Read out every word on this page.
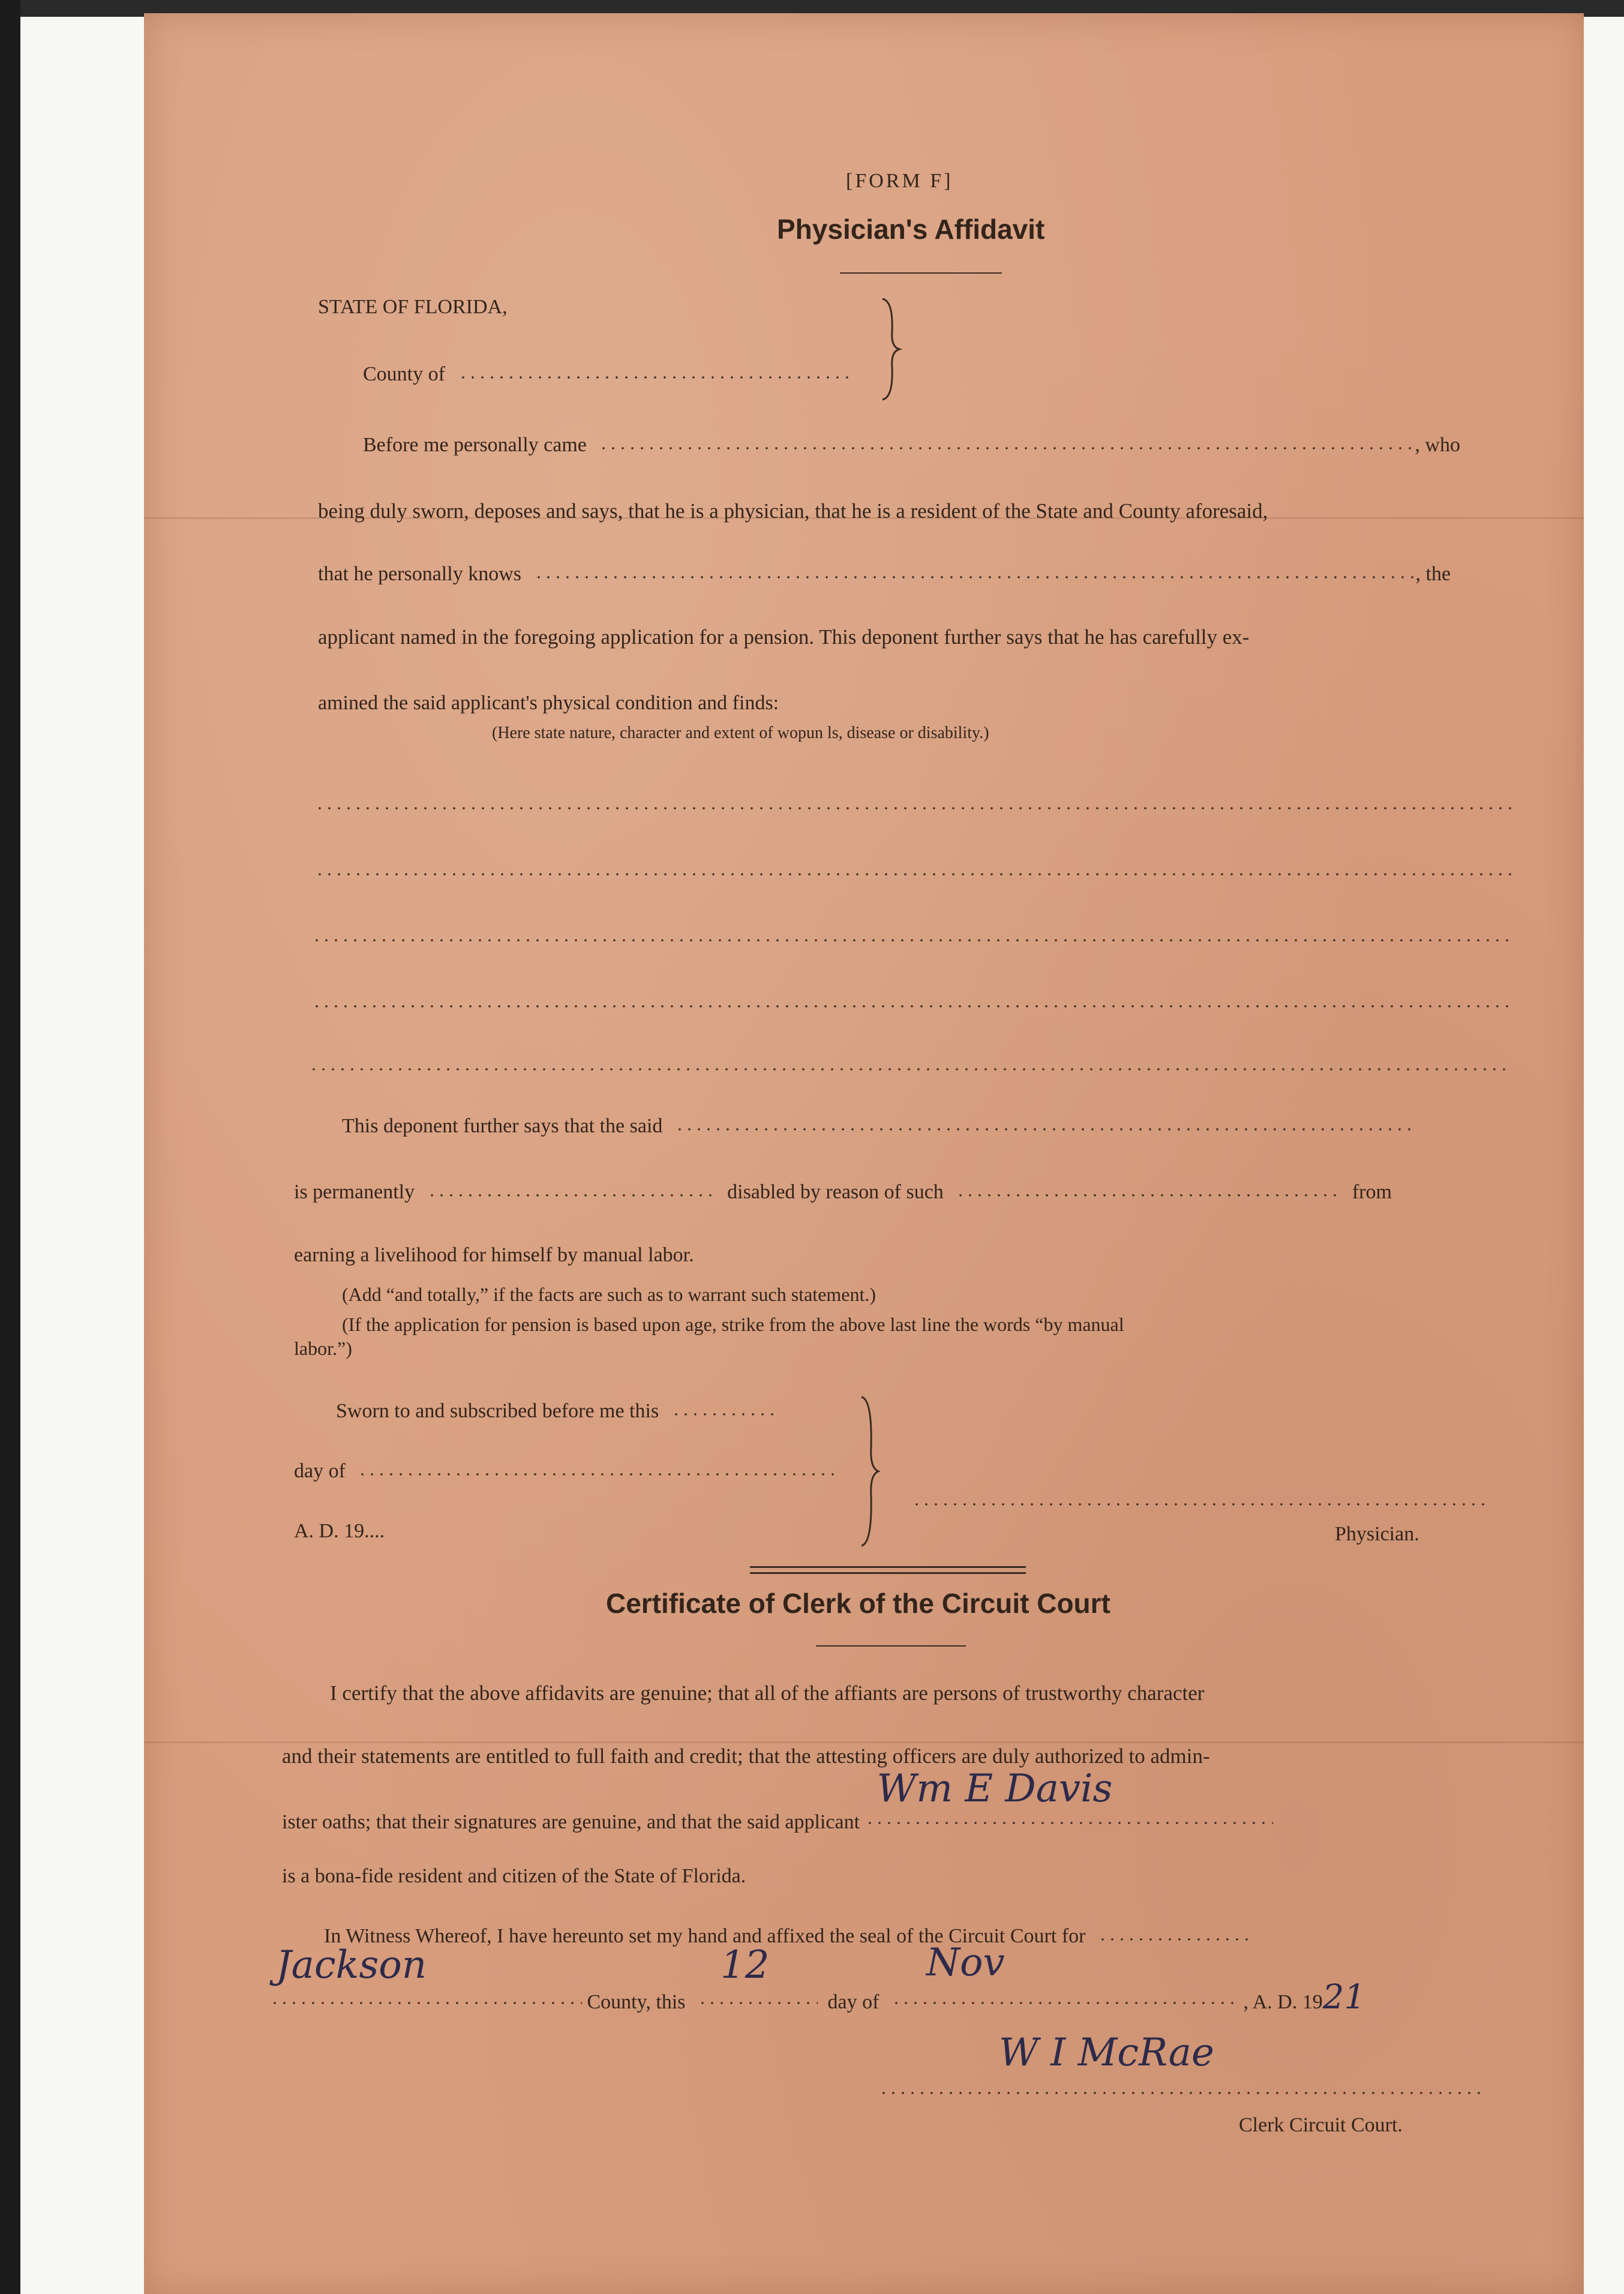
[FORM F]
Physician's Affidavit
STATE OF FLORIDA,
County of
Before me personally came	, who
being duly sworn, deposes and says, that he is a physician, that he is a resident of the State and County aforesaid,
that he personally knows	, the
applicant named in the foregoing application for a pension. This deponent further says that he has carefully ex-
amined the said applicant's physical condition and finds:
(Here state nature, character and extent of wopun ls, disease or disability.)
This deponent further says that the said
is permanently	disabled by reason of such	from
earning a livelihood for himself by manual labor.
(Add “and totally,” if the facts are such as to warrant such statement.)
(If the application for pension is based upon age, strike from the above last line the words “by manual
labor.”)
Sworn to and subscribed before me this
day of
A. D. 19....	Physician.
Certificate of Clerk of the Circuit Court
I certify that the above affidavits are genuine; that all of the affiants are persons of trustworthy character
and their statements are entitled to full faith and credit; that the attesting officers are duly authorized to admin-
ister oaths; that their signatures are genuine, and that the said applicant
Wm E Davis
is a bona-fide resident and citizen of the State of Florida.
In Witness Whereof, I have hereunto set my hand and affixed the seal of the Circuit Court for
Jackson
County, this
12
day of
Nov
, A. D. 1921
W I McRae
Clerk Circuit Court.
